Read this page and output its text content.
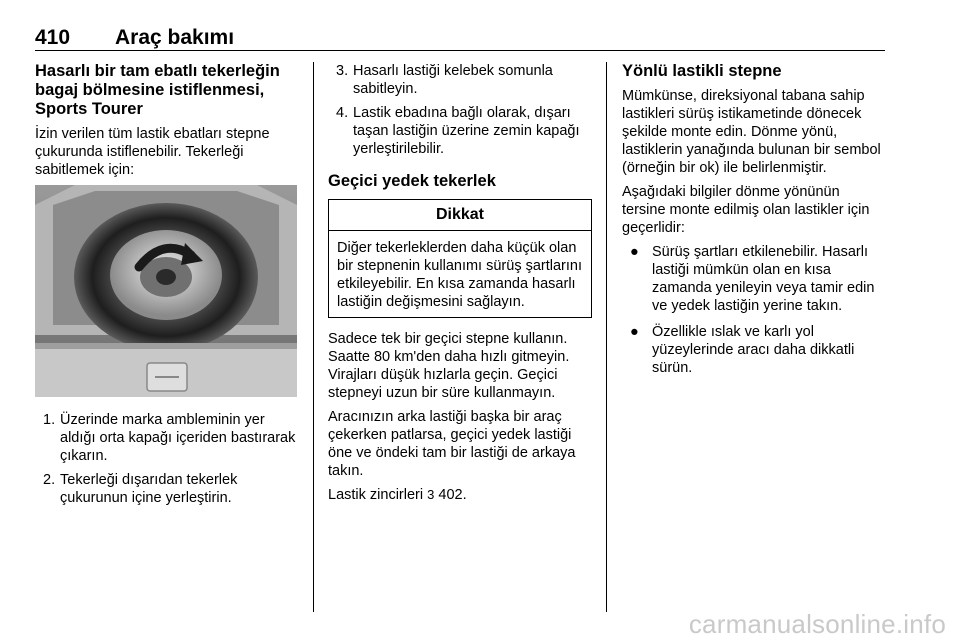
410 Araç bakımı
Hasarlı bir tam ebatlı tekerleğin bagaj bölmesine istiflenmesi, Sports Tourer

İzin verilen tüm lastik ebatları stepne çukurunda istiflenebilir. Tekerleği sabitlemek için:

1. Üzerinde marka ambleminin yer aldığı orta kapağı içeriden bastırarak çıkarın.
2. Tekerleği dışarıdan tekerlek çukurunun içine yerleştirin.
3. Hasarlı lastiği kelebek somunla sabitleyin.
4. Lastik ebadına bağlı olarak, dışarı taşan lastiğin üzerine zemin kapağı yerleştirilebilir.
Geçici yedek tekerlek
Dikkat
Diğer tekerleklerden daha küçük olan bir stepnenin kullanımı sürüş şartlarını etkileyebilir. En kısa zamanda hasarlı lastiğin değişmesini sağlayın.

Sadece tek bir geçici stepne kullanın. Saatte 80 km'den daha hızlı gitmeyin. Virajları düşük hızlarla geçin. Geçici stepneyi uzun bir süre kullanmayın.

Aracınızın arka lastiği başka bir araç çekerken patlarsa, geçici yedek lastiği öne ve öndeki tam bir lastiği de arkaya takın.

Lastik zincirleri 3 402.

Yönlü lastikli stepne

Mümkünse, direksiyonal tabana sahip lastikleri sürüş istikametinde dönecek şekilde monte edin. Dönme yönü, lastiklerin yanağında bulunan bir sembol (örneğin bir ok) ile belirlenmiştir.

Aşağıdaki bilgiler dönme yönünün tersine monte edilmiş olan lastikler için geçerlidir:

● Sürüş şartları etkilenebilir. Hasarlı lastiği mümkün olan en kısa zamanda yenileyin veya tamir edin ve yedek lastiğin yerine takın.
● Özellikle ıslak ve karlı yol yüzeylerinde aracı daha dikkatli sürün.
carmanualsonline.info
